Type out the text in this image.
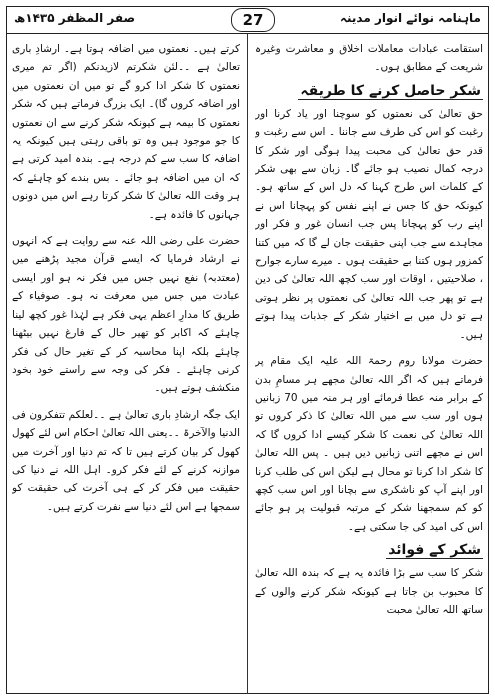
ماہنامہ نوائے انوار مدینہ
27
صفر المظفر ۱۴۳۵ھ

استقامت عبادات معاملات اخلاق و معاشرت وغیرہ شریعت کے مطابق ہوں۔

شکر حاصل کرنے کا طریقہ

حق تعالیٰ کی نعمتوں کو سوچنا اور یاد کرنا اور رغبت کو اس کی طرف سے جاننا ۔ اس سے رغبت و قدر حق تعالیٰ کی محبت پیدا ہوگی اور شکر کا درجہ کمال نصیب ہو جائے گا۔ زبان سے بھی شکر کے کلمات اس طرح کہنا کہ دل اس کے ساتھ ہو۔ کیونکہ حق کا جس نے اپنے نفس کو پہچانا اس نے اپنے رب کو پہچانا پس جب انسان غور و فکر اور مجاہدے سے جب اپنی حقیقت جان لے گا کہ میں کتنا کمزور ہوں کتنا بے حقیقت ہوں ۔ میرے سارے جوارح ، صلاحیتیں ، اوقات اور سب کچھ اللہ تعالیٰ کی دین ہے تو پھر جب اللہ تعالیٰ کی نعمتوں پر نظر ہوتی ہے تو دل میں بے اختیار شکر کے جذبات پیدا ہوتے ہیں۔

حضرت مولانا روم رحمۃ اللہ علیہ ایک مقام پر فرماتے ہیں کہ اگر اللہ تعالیٰ مجھے ہر مسامِ بدن کے برابر منہ عطا فرمائے اور ہر منہ میں 70 زبانیں ہوں اور سب سے میں اللہ تعالیٰ کا ذکر کروں تو اللہ تعالیٰ کی نعمت کا شکر کیسے ادا کروں گا کہ اس نے مجھے اتنی زبانیں دیں ہیں ۔ پس اللہ تعالیٰ کا شکر ادا کرنا تو محال ہے لیکن اس کی طلب کرنا اور اپنے آپ کو ناشکری سے بچانا اور اس سب کچھ کو کم سمجھنا شکر کے مرتبہ قبولیت پر ہو جائے اس کی امید کی جا سکتی ہے۔

شکر کے فوائد

شکر کا سب سے بڑا فائدہ یہ ہے کہ بندہ اللہ تعالیٰ کا محبوب بن جاتا ہے کیونکہ شکر کرنے والوں کے ساتھ اللہ تعالیٰ محبت

کرتے ہیں۔ نعمتوں میں اضافہ ہوتا ہے۔ ارشادِ باری تعالیٰ ہے ۔۔لئن شکرتم لازیدنکم (اگر تم میری نعمتوں کا شکر ادا کرو گے تو میں ان نعمتوں میں اور اضافہ کروں گا)۔ ایک بزرگ فرماتے ہیں کہ شکر نعمتوں کا بیمہ ہے کیونکہ شکر کرنے سے ان نعمتوں کا جو موجود ہیں وہ تو باقی رہتی ہیں کیونکہ یہ اضافہ کا سب سے کم درجہ ہے۔ بندہ امید کرتی ہے کہ ان میں اضافہ ہو جائے ۔ بس بندے کو چاہئے کہ ہر وقت اللہ تعالیٰ کا شکر کرتا رہے اس میں دونوں جہانوں کا فائدہ ہے۔

حضرت علی رضی اللہ عنہ سے روایت ہے کہ انہوں نے ارشاد فرمایا کہ ایسے قرآن مجید پڑھنے میں (معتدبہ) نفع نہیں جس میں فکر نہ ہو اور ایسی عبادت میں جس میں معرفت نہ ہو۔ صوفیاء کے طریق کا مدارِ اعظم یہی فکر ہے لہٰذا غور کچھ لینا چاہئے کہ اکابر کو تھیر حال کے فارغ نہیں بیٹھنا چاہئے بلکہ اپنا محاسبہ کر کے تغیر حال کی فکر کرنی چاہئے ۔ فکر کی وجہ سے راستے خود بخود منکشف ہوتے ہیں۔

ایک جگہ ارشادِ باری تعالیٰ ہے ۔۔لعلکم تتفکرون فی الدنیا والآخرۃ ۔۔یعنی اللہ تعالیٰ احکام اس لئے کھول کھول کر بیان کرتے ہیں تا کہ تم دنیا اور آخرت میں موازنہ کرنے کے لئے فکر کرو۔ اہل اللہ نے دنیا کی حقیقت میں فکر کر کے ہی آخرت کی حقیقت کو سمجھا ہے اس لئے دنیا سے نفرت کرتے ہیں۔
